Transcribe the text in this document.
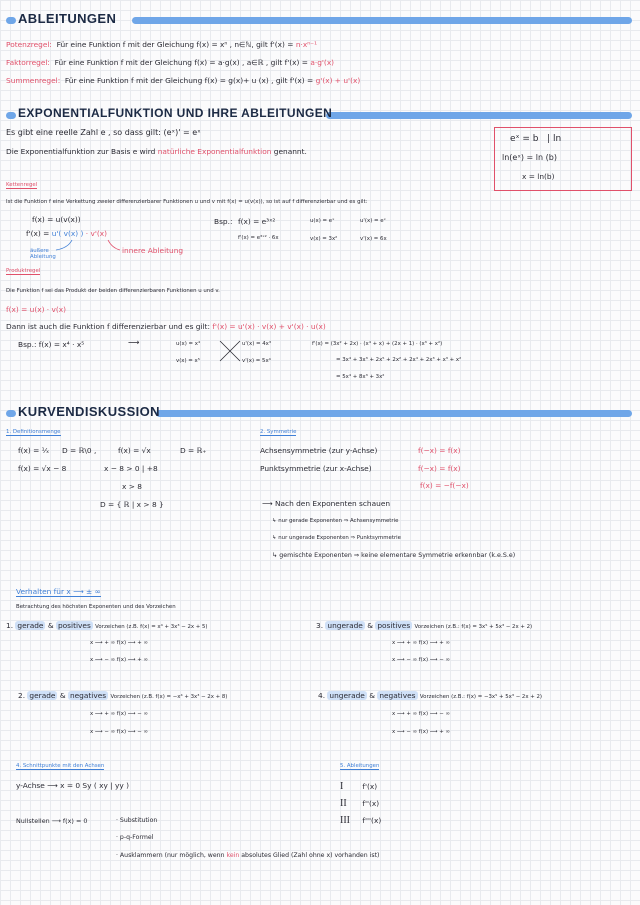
ABLEITUNGEN
Potenzregel: Für eine Funktion f mit der Gleichung f(x) = xⁿ , n∈ℕ, gilt f'(x) = n·xⁿ⁻¹
Faktorregel: Für eine Funktion f mit der Gleichung f(x) = a·g(x) , a∈ℝ , gilt f'(x) = a·g'(x)
Summenregel: Für eine Funktion f mit der Gleichung f(x) = g(x)+ u (x) , gilt f'(x) = g'(x) + u'(x)
EXPONENTIALFUNKTION UND IHRE ABLEITUNGEN
Es gibt eine reelle Zahl e , so dass gilt: (eˣ)' = eˣ
Die Exponentialfunktion zur Basis e wird natürliche Exponentialfunktion genannt.
eˣ = b | ln
ln(eˣ) = ln (b)
x = ln(b)
Kettenregel
Ist die Funktion f eine Verkettung zweier differenzierbarer Funktionen u und v mit f(x) = u(v(x)), so ist auf f differenzierbar und es gilt:
f(x) = u(v(x))
f'(x) = u'( v(x) ) · v'(x)
äußere Ableitung
innere Ableitung
Bsp.: f(x) = e³ˣ²
f'(x) = e³ˣ² · 6x
u(x) = eˣ
v(x) = 3x²
u'(x) = eˣ
v'(x) = 6x
Produktregel
Die Funktion f sei das Produkt der beiden differenzierbaren Funktionen u und v.
f(x) = u(x) · v(x)
Dann ist auch die Funktion f differenzierbar und es gilt: f'(x) = u'(x) · v(x) + v'(x) · u(x)
Bsp.: f(x) = x⁴ · x⁵	⟶	u(x) = x⁴
v(x) = x⁵
u'(x) = 4x³
v'(x) = 5x⁴
f'(x) = (3x² + 2x) · (x⁴ + x) + (2x + 1) · (x³ + x²)
= 3x⁴ + 3x³ + 2x⁵ + 2x² + 2x⁴ + 2x³ + x³ + x²
= 5x⁴ + 8x³ + 3x²
KURVENDISKUSSION
1. Definitionsmenge
f(x) = ¹⁄ₓ D = ℝ\0 ,	f(x) = √x	D = ℝ₊
f(x) = √x − 8	x − 8 > 0 | +8
x > 8
D = { ℝ | x > 8 }
2. Symmetrie
Achsensymmetrie (zur y-Achse)	f(−x) = f(x)
Punktsymmetrie (zur x-Achse)	f(−x) = f(x)
f(x) = −f(−x)
⟶ Nach den Exponenten schauen
↳ nur gerade Exponenten ⇒ Achsensymmetrie
↳ nur ungerade Exponenten ⇒ Punktsymmetrie
↳ gemischte Exponenten ⇒ keine elementare Symmetrie erkennbar (k.e.S.e)
Verhalten für x ⟶ ± ∞
Betrachtung des höchsten Exponenten und des Vorzeichen
1. gerade & positives Vorzeichen (z.B. f(x) = x⁴ + 3x³ − 2x + 5)
x ⟶ + ∞ f(x) ⟶ + ∞
x ⟶ − ∞ f(x) ⟶ + ∞
2. gerade & negatives Vorzeichen (z.B. f(x) = −x⁴ + 3x³ − 2x + 8)
x ⟶ + ∞ f(x) ⟶ − ∞
x ⟶ − ∞ f(x) ⟶ − ∞
3. ungerade & positives Vorzeichen (z.B.: f(x) = 3x⁵ + 5x³ − 2x + 2)
x ⟶ + ∞ f(x) ⟶ + ∞
x ⟶ − ∞ f(x) ⟶ − ∞
4. ungerade & negatives Vorzeichen (z.B.: f(x) = −3x⁵ + 5x³ − 2x + 2)
x ⟶ + ∞ f(x) ⟶ − ∞
x ⟶ − ∞ f(x) ⟶ + ∞
4. Schnittpunkte mit den Achsen
y-Achse ⟶ x = 0 Sy ( xy | yy )
Nullstellen ⟶ f(x) = 0	· Substitution
· p-q-Formel
· Ausklammern (nur möglich, wenn kein absolutes Glied (Zahl ohne x) vorhanden ist)
5. Ableitungen
I	f'(x)
II f''(x)
III f'''(x)
